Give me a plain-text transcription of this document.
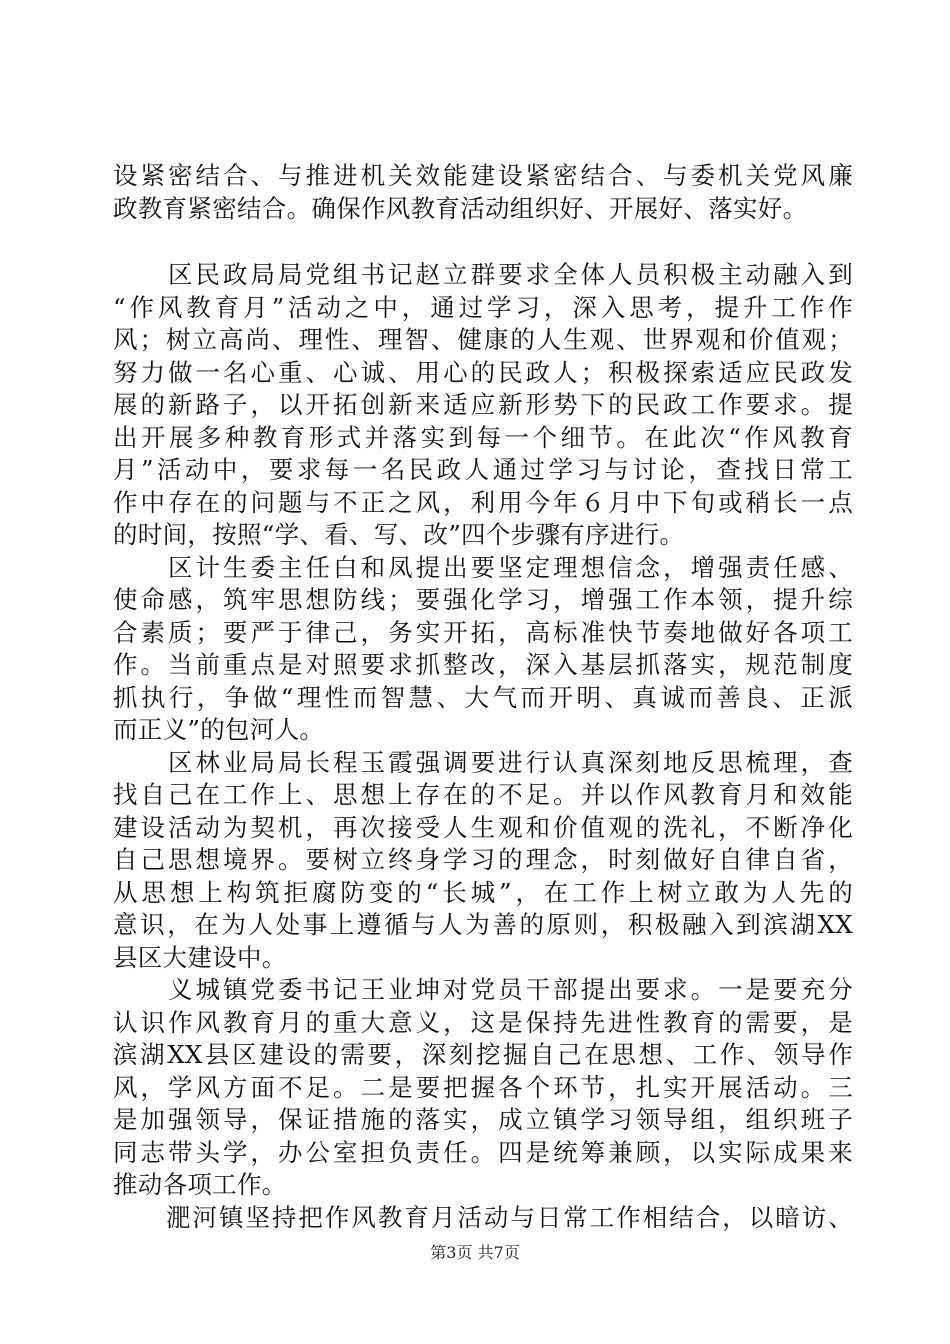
设紧密结合、与推进机关效能建设紧密结合、与委机关党风廉
政教育紧密结合。确保作风教育活动组织好、开展好、落实好。
　　区民政局局党组书记赵立群要求全体人员积极主动融入到
“作风教育月”活动之中，通过学习，深入思考，提升工作作
风；树立高尚、理性、理智、健康的人生观、世界观和价值观；
努力做一名心重、心诚、用心的民政人；积极探索适应民政发
展的新路子，以开拓创新来适应新形势下的民政工作要求。提
出开展多种教育形式并落实到每一个细节。在此次“作风教育
月”活动中，要求每一名民政人通过学习与讨论，查找日常工
作中存在的问题与不正之风，利用今年６月中下旬或稍长一点
的时间，按照“学、看、写、改”四个步骤有序进行。
　　区计生委主任白和凤提出要坚定理想信念，增强责任感、
使命感，筑牢思想防线；要强化学习，增强工作本领，提升综
合素质；要严于律己，务实开拓，高标准快节奏地做好各项工
作。当前重点是对照要求抓整改，深入基层抓落实，规范制度
抓执行，争做“理性而智慧、大气而开明、真诚而善良、正派
而正义”的包河人。
　　区林业局局长程玉霞强调要进行认真深刻地反思梳理，查
找自己在工作上、思想上存在的不足。并以作风教育月和效能
建设活动为契机，再次接受人生观和价值观的洗礼，不断净化
自己思想境界。要树立终身学习的理念，时刻做好自律自省，
从思想上构筑拒腐防变的“长城”，在工作上树立敢为人先的
意识，在为人处事上遵循与人为善的原则，积极融入到滨湖XX
县区大建设中。
　　义城镇党委书记王业坤对党员干部提出要求。一是要充分
认识作风教育月的重大意义，这是保持先进性教育的需要，是
滨湖XX县区建设的需要，深刻挖掘自己在思想、工作、领导作
风，学风方面不足。二是要把握各个环节，扎实开展活动。三
是加强领导，保证措施的落实，成立镇学习领导组，组织班子
同志带头学，办公室担负责任。四是统筹兼顾，以实际成果来
推动各项工作。
　　淝河镇坚持把作风教育月活动与日常工作相结合，以暗访、
第3页 共7页
